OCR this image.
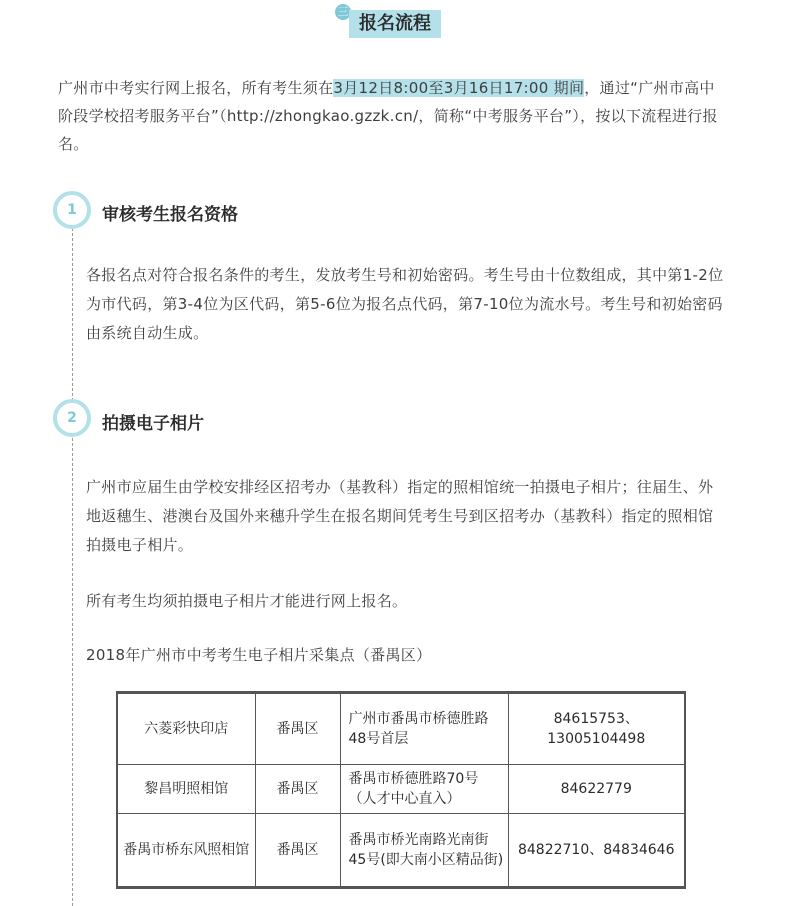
三
报名流程
广州市中考实行网上报名，所有考生须在3月12日8:00至3月16日17:00 期间，通过“广州市高中阶段学校招考服务平台”（http://zhongkao.gzzk.cn/，简称“中考服务平台”），按以下流程进行报名。
1	审核考生报名资格
各报名点对符合报名条件的考生，发放考生号和初始密码。考生号由十位数组成，其中第1-2位为市代码，第3-4位为区代码，第5-6位为报名点代码，第7-10位为流水号。考生号和初始密码由系统自动生成。
2	拍摄电子相片
广州市应届生由学校安排经区招考办（基教科）指定的照相馆统一拍摄电子相片；往届生、外地返穗生、港澳台及国外来穗升学生在报名期间凭考生号到区招考办（基教科）指定的照相馆拍摄电子相片。
所有考生均须拍摄电子相片才能进行网上报名。
2018年广州市中考考生电子相片采集点（番禺区）
六菱彩快印店	番禺区	广州市番禺市桥德胜路48号首层	84615753、13005104498
黎昌明照相馆	番禺区	番禺市桥德胜路70号（人才中心直入）	84622779
番禺市桥东风照相馆	番禺区	番禺市桥光南路光南街45号(即大南小区精品街)	84822710、84834646
